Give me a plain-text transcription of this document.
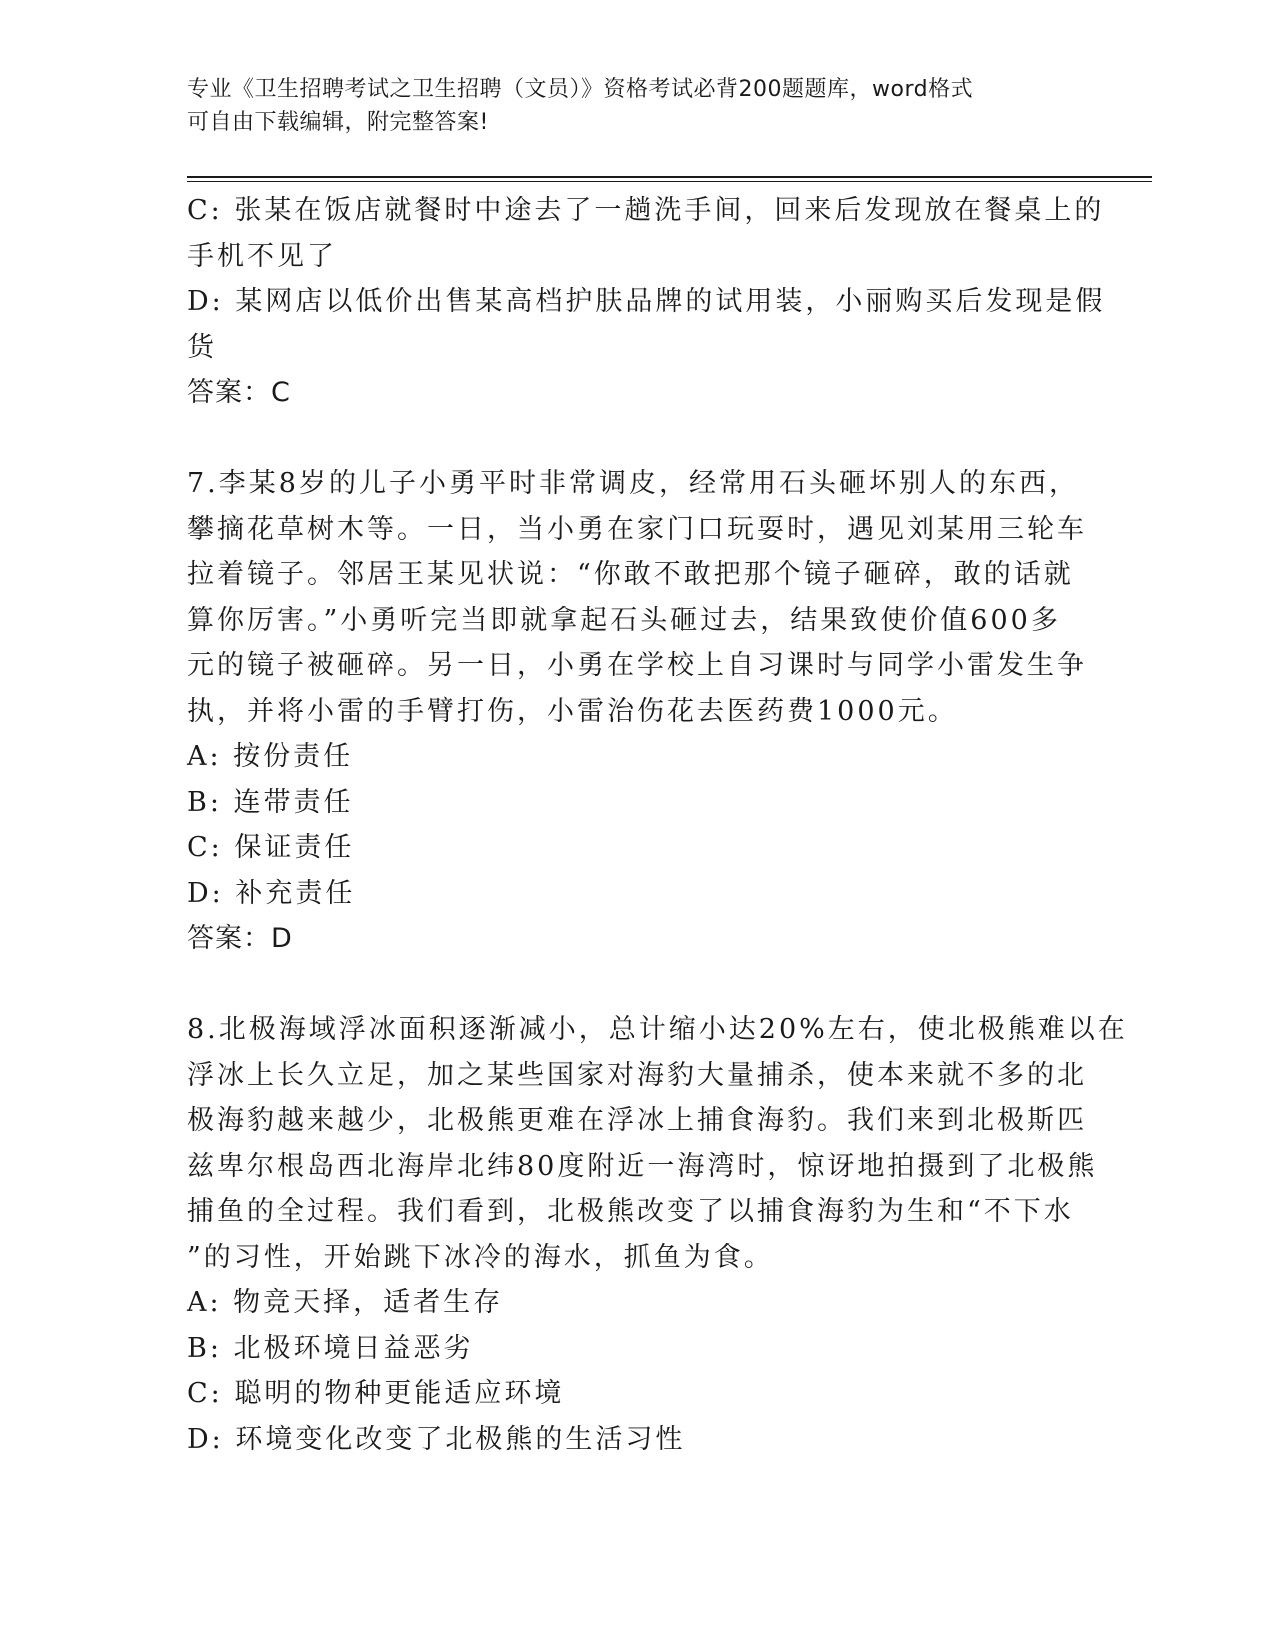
专业《卫生招聘考试之卫生招聘（文员）》资格考试必背200题题库，word格式
可自由下载编辑，附完整答案!
C: 张某在饭店就餐时中途去了一趟洗手间，回来后发现放在餐桌上的
手机不见了
D: 某网店以低价出售某高档护肤品牌的试用装，小丽购买后发现是假
货
答案：C
7.李某8岁的儿子小勇平时非常调皮，经常用石头砸坏别人的东西，
攀摘花草树木等。一日，当小勇在家门口玩耍时，遇见刘某用三轮车
拉着镜子。邻居王某见状说：“你敢不敢把那个镜子砸碎，敢的话就
算你厉害。”小勇听完当即就拿起石头砸过去，结果致使价值600多
元的镜子被砸碎。另一日，小勇在学校上自习课时与同学小雷发生争
执，并将小雷的手臂打伤，小雷治伤花去医药费1000元。
A: 按份责任
B: 连带责任
C: 保证责任
D: 补充责任
答案：D
8.北极海域浮冰面积逐渐减小，总计缩小达20%左右，使北极熊难以在
浮冰上长久立足，加之某些国家对海豹大量捕杀，使本来就不多的北
极海豹越来越少，北极熊更难在浮冰上捕食海豹。我们来到北极斯匹
兹卑尔根岛西北海岸北纬80度附近一海湾时，惊讶地拍摄到了北极熊
捕鱼的全过程。我们看到，北极熊改变了以捕食海豹为生和“不下水
”的习性，开始跳下冰冷的海水，抓鱼为食。
A: 物竞天择，适者生存
B: 北极环境日益恶劣
C: 聪明的物种更能适应环境
D: 环境变化改变了北极熊的生活习性
